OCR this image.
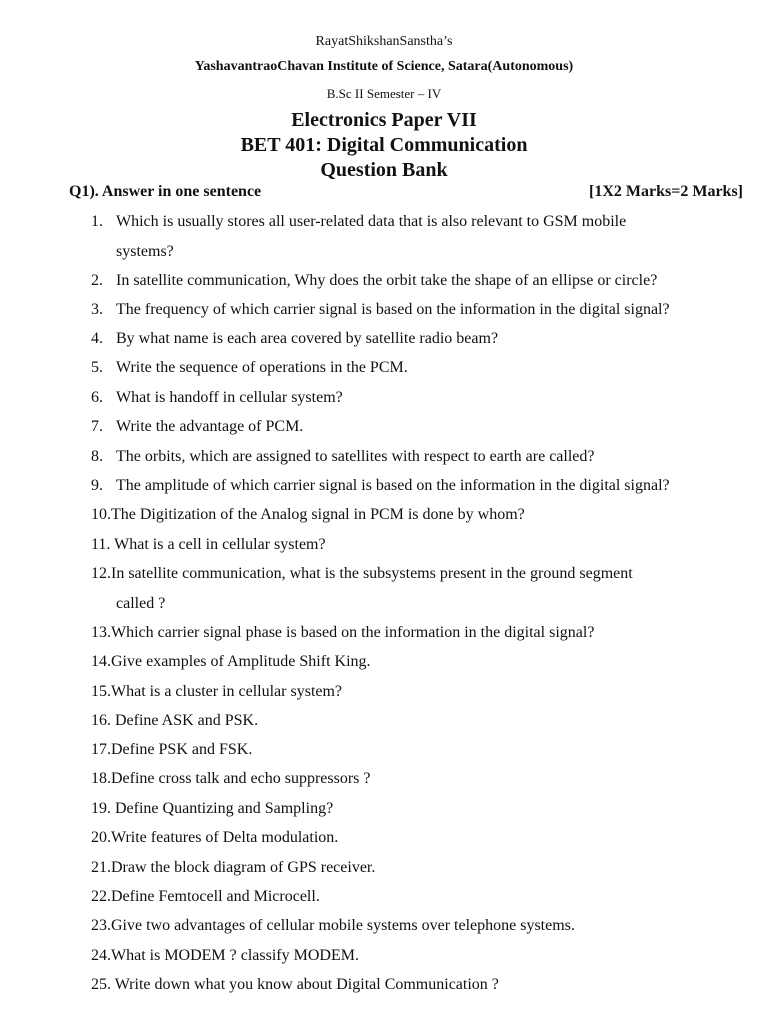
RayatShikshanSanstha’s
YashavantraoChavan Institute of Science, Satara(Autonomous)
B.Sc II Semester – IV
Electronics Paper VII
BET 401: Digital Communication
Question Bank
Q1). Answer in one sentence	[1X2 Marks=2 Marks]
1. Which is usually stores all user-related data that is also relevant to GSM mobile
systems?
2. In satellite communication, Why does the orbit take the shape of an ellipse or circle?
3. The frequency of which carrier signal is based on the information in the digital signal?
4. By what name is each area covered by satellite radio beam?
5. Write the sequence of operations in the PCM.
6. What is handoff in cellular system?
7. Write the advantage of PCM.
8. The orbits, which are assigned to satellites with respect to earth are called?
9. The amplitude of which carrier signal is based on the information in the digital signal?
10.The Digitization of the Analog signal in PCM is done by whom?
11. What is a cell in cellular system?
12.In satellite communication, what is the subsystems present in the ground segment
called ?
13.Which carrier signal phase is based on the information in the digital signal?
14.Give examples of Amplitude Shift King.
15.What is a cluster in cellular system?
16. Define ASK and PSK.
17.Define PSK and FSK.
18.Define cross talk and echo suppressors ?
19. Define Quantizing and Sampling?
20.Write features of Delta modulation.
21.Draw the block diagram of GPS receiver.
22.Define Femtocell and Microcell.
23.Give two advantages of cellular mobile systems over telephone systems.
24.What is MODEM ? classify MODEM.
25. Write down what you know about Digital Communication ?
